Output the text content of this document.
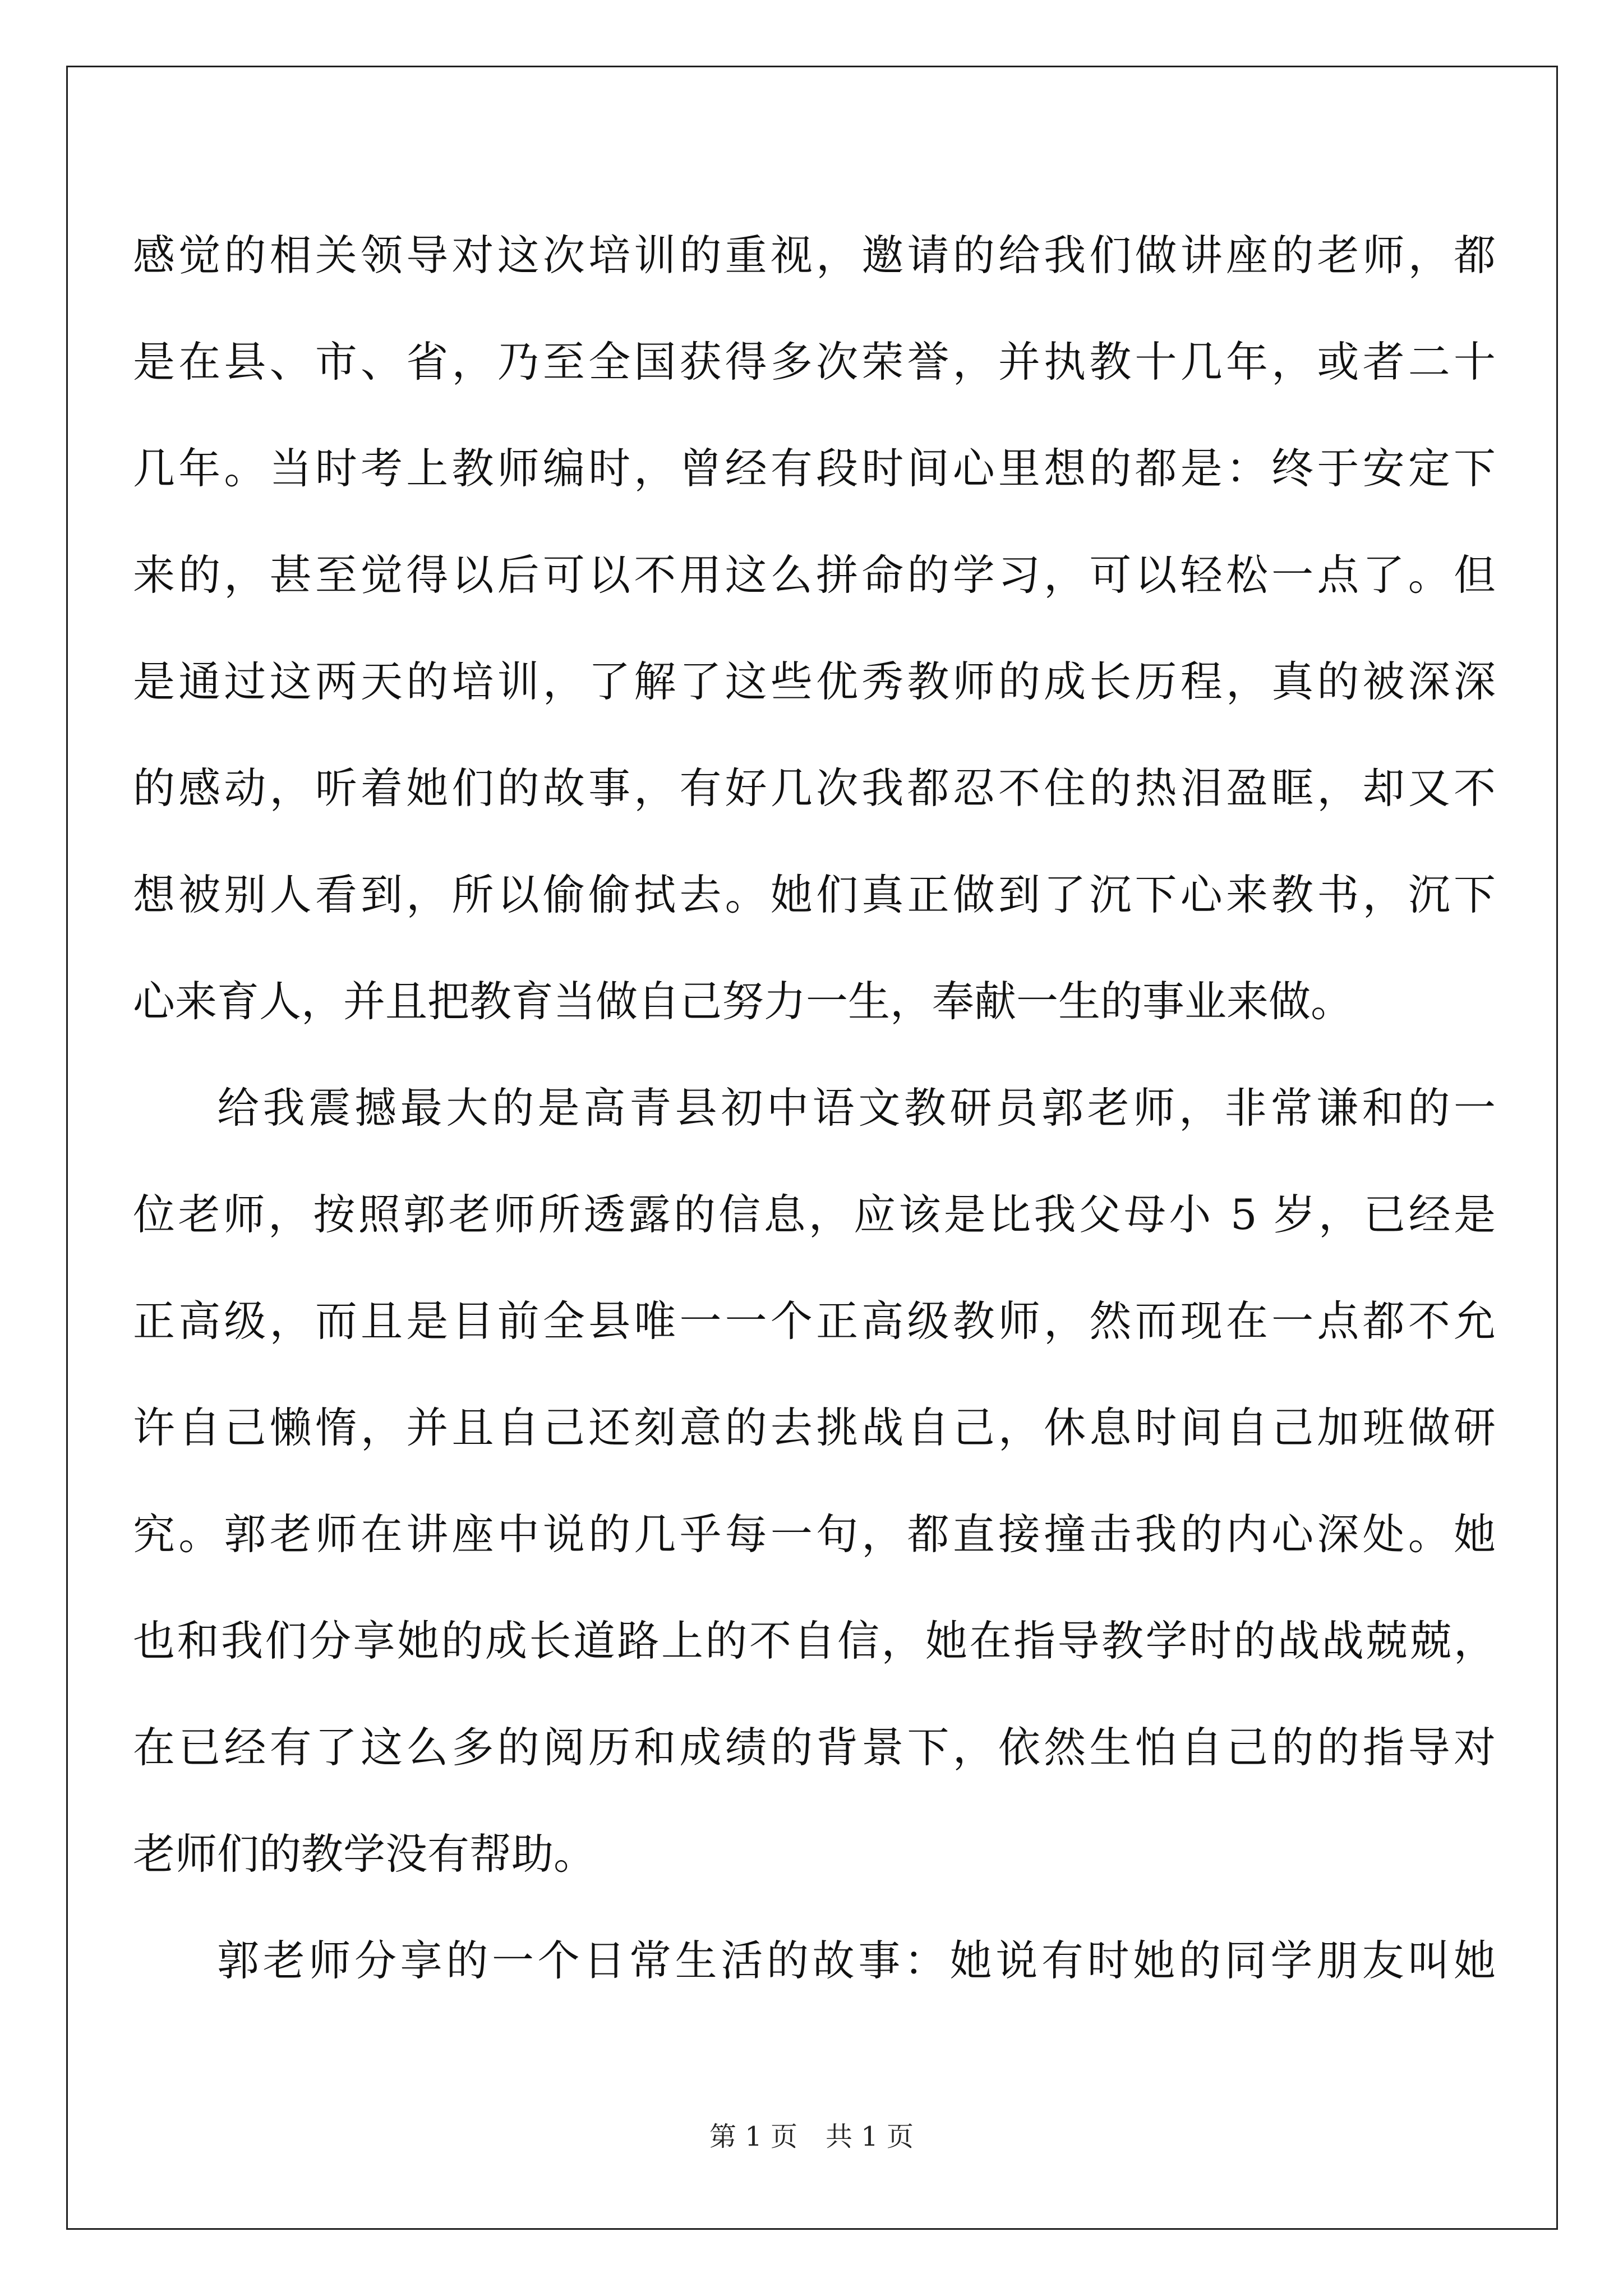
感觉的相关领导对这次培训的重视，邀请的给我们做讲座的老师，都
是在县、市、省，乃至全国获得多次荣誉，并执教十几年，或者二十
几年。当时考上教师编时，曾经有段时间心里想的都是：终于安定下
来的，甚至觉得以后可以不用这么拼命的学习，可以轻松一点了。但
是通过这两天的培训，了解了这些优秀教师的成长历程，真的被深深
的感动，听着她们的故事，有好几次我都忍不住的热泪盈眶，却又不
想被别人看到，所以偷偷拭去。她们真正做到了沉下心来教书，沉下
心来育人，并且把教育当做自己努力一生，奉献一生的事业来做。

给我震撼最大的是高青县初中语文教研员郭老师，非常谦和的一
位老师，按照郭老师所透露的信息，应该是比我父母小 5 岁，已经是
正高级，而且是目前全县唯一一个正高级教师，然而现在一点都不允
许自己懒惰，并且自己还刻意的去挑战自己，休息时间自己加班做研
究。郭老师在讲座中说的几乎每一句，都直接撞击我的内心深处。她
也和我们分享她的成长道路上的不自信，她在指导教学时的战战兢兢，
在已经有了这么多的阅历和成绩的背景下，依然生怕自己的的指导对
老师们的教学没有帮助。

郭老师分享的一个日常生活的故事：她说有时她的同学朋友叫她

第 1 页 共 1 页
